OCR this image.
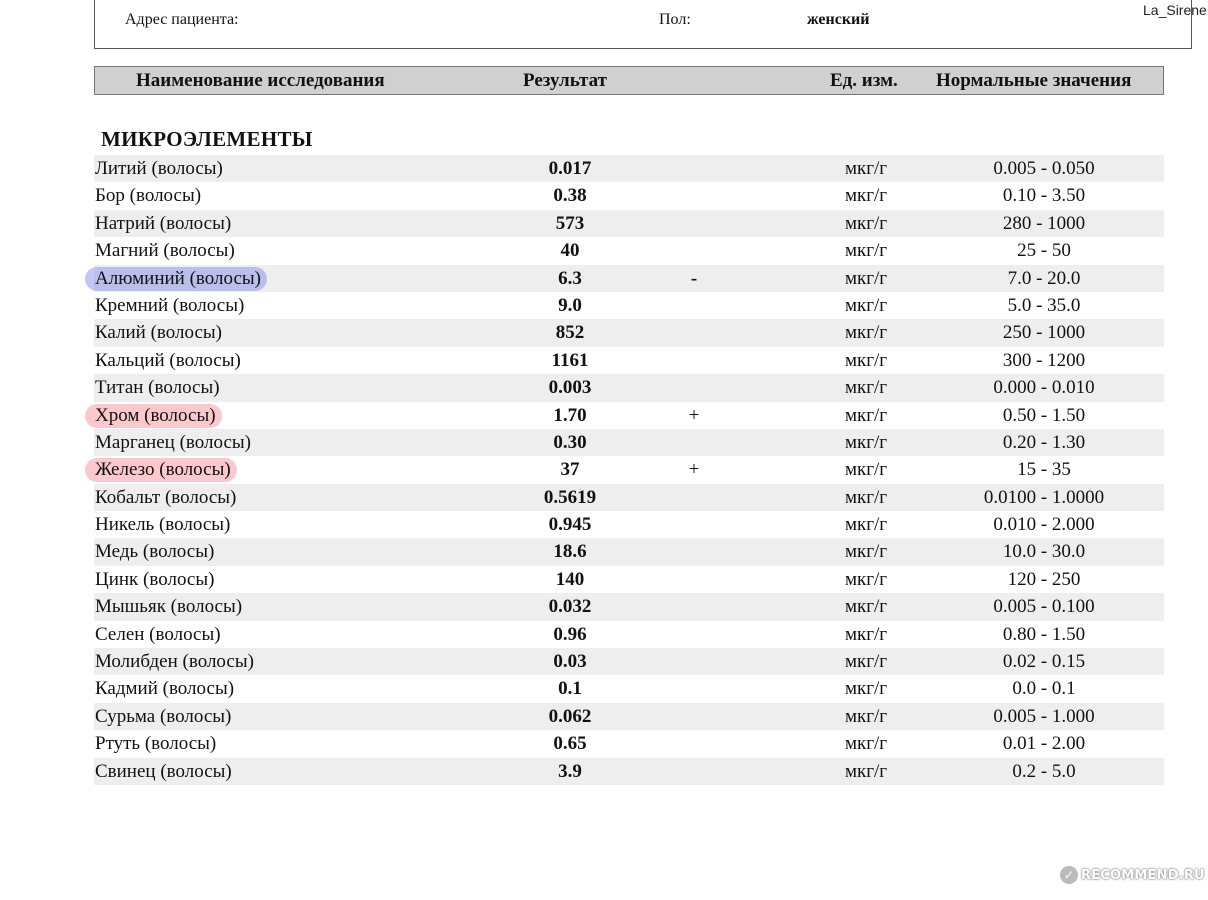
Адрес пациента:	Пол:	женский
La_Sirene
Наименование исследования	Результат	Ед. изм. Нормальные значения
МИКРОЭЛЕМЕНТЫ
Литий (волосы)	0.017	мкг/г	0.005 - 0.050
Бор (волосы)	0.38	мкг/г	0.10 - 3.50
Натрий (волосы)	573	мкг/г	280 - 1000
Магний (волосы)	40	мкг/г	25 - 50
Алюминий (волосы)	6.3	-	мкг/г	7.0 - 20.0
Кремний (волосы)	9.0	мкг/г	5.0 - 35.0
Калий (волосы)	852	мкг/г	250 - 1000
Кальций (волосы)	1161	мкг/г	300 - 1200
Титан (волосы)	0.003	мкг/г	0.000 - 0.010
Хром (волосы)	1.70	+	мкг/г	0.50 - 1.50
Марганец (волосы)	0.30	мкг/г	0.20 - 1.30
Железо (волосы)	37	+	мкг/г	15 - 35
Кобальт (волосы)	0.5619	мкг/г	0.0100 - 1.0000
Никель (волосы)	0.945	мкг/г	0.010 - 2.000
Медь (волосы)	18.6	мкг/г	10.0 - 30.0
Цинк (волосы)	140	мкг/г	120 - 250
Мышьяк (волосы)	0.032	мкг/г	0.005 - 0.100
Селен (волосы)	0.96	мкг/г	0.80 - 1.50
Молибден (волосы)	0.03	мкг/г	0.02 - 0.15
Кадмий (волосы)	0.1	мкг/г	0.0 - 0.1
Сурьма (волосы)	0.062	мкг/г	0.005 - 1.000
Ртуть (волосы)	0.65	мкг/г	0.01 - 2.00
Свинец (волосы)	3.9	мкг/г	0.2 - 5.0
✓ RECOMMEND.RU
